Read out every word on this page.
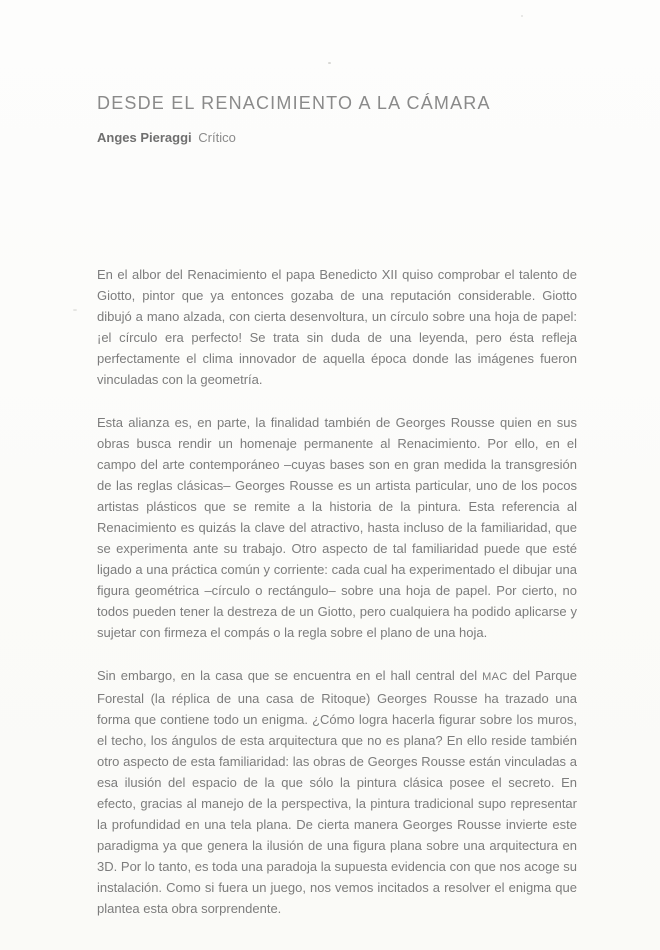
DESDE EL RENACIMIENTO A LA CÁMARA
Anges Pieraggi Crítico

En el albor del Renacimiento el papa Benedicto XII quiso comprobar el talento de Giotto, pintor que ya entonces gozaba de una reputación considerable. Giotto dibujó a mano alzada, con cierta desenvoltura, un círculo sobre una hoja de papel: ¡el círculo era perfecto! Se trata sin duda de una leyenda, pero ésta refleja perfectamente el clima innovador de aquella época donde las imágenes fueron vinculadas con la geometría.

Esta alianza es, en parte, la finalidad también de Georges Rousse quien en sus obras busca rendir un homenaje permanente al Renacimiento. Por ello, en el campo del arte contemporáneo –cuyas bases son en gran medida la transgresión de las reglas clásicas– Georges Rousse es un artista particular, uno de los pocos artistas plásticos que se remite a la historia de la pintura. Esta referencia al Renacimiento es quizás la clave del atractivo, hasta incluso de la familiaridad, que se experimenta ante su trabajo. Otro aspecto de tal familiaridad puede que esté ligado a una práctica común y corriente: cada cual ha experimentado el dibujar una figura geométrica –círculo o rectángulo– sobre una hoja de papel. Por cierto, no todos pueden tener la destreza de un Giotto, pero cualquiera ha podido aplicarse y sujetar con firmeza el compás o la regla sobre el plano de una hoja.

Sin embargo, en la casa que se encuentra en el hall central del MAC del Parque Forestal (la réplica de una casa de Ritoque) Georges Rousse ha trazado una forma que contiene todo un enigma. ¿Cómo logra hacerla figurar sobre los muros, el techo, los ángulos de esta arquitectura que no es plana? En ello reside también otro aspecto de esta familiaridad: las obras de Georges Rousse están vinculadas a esa ilusión del espacio de la que sólo la pintura clásica posee el secreto. En efecto, gracias al manejo de la perspectiva, la pintura tradicional supo representar la profundidad en una tela plana. De cierta manera Georges Rousse invierte este paradigma ya que genera la ilusión de una figura plana sobre una arquitectura en 3D. Por lo tanto, es toda una paradoja la supuesta evidencia con que nos acoge su instalación. Como si fuera un juego, nos vemos incitados a resolver el enigma que plantea esta obra sorprendente.
